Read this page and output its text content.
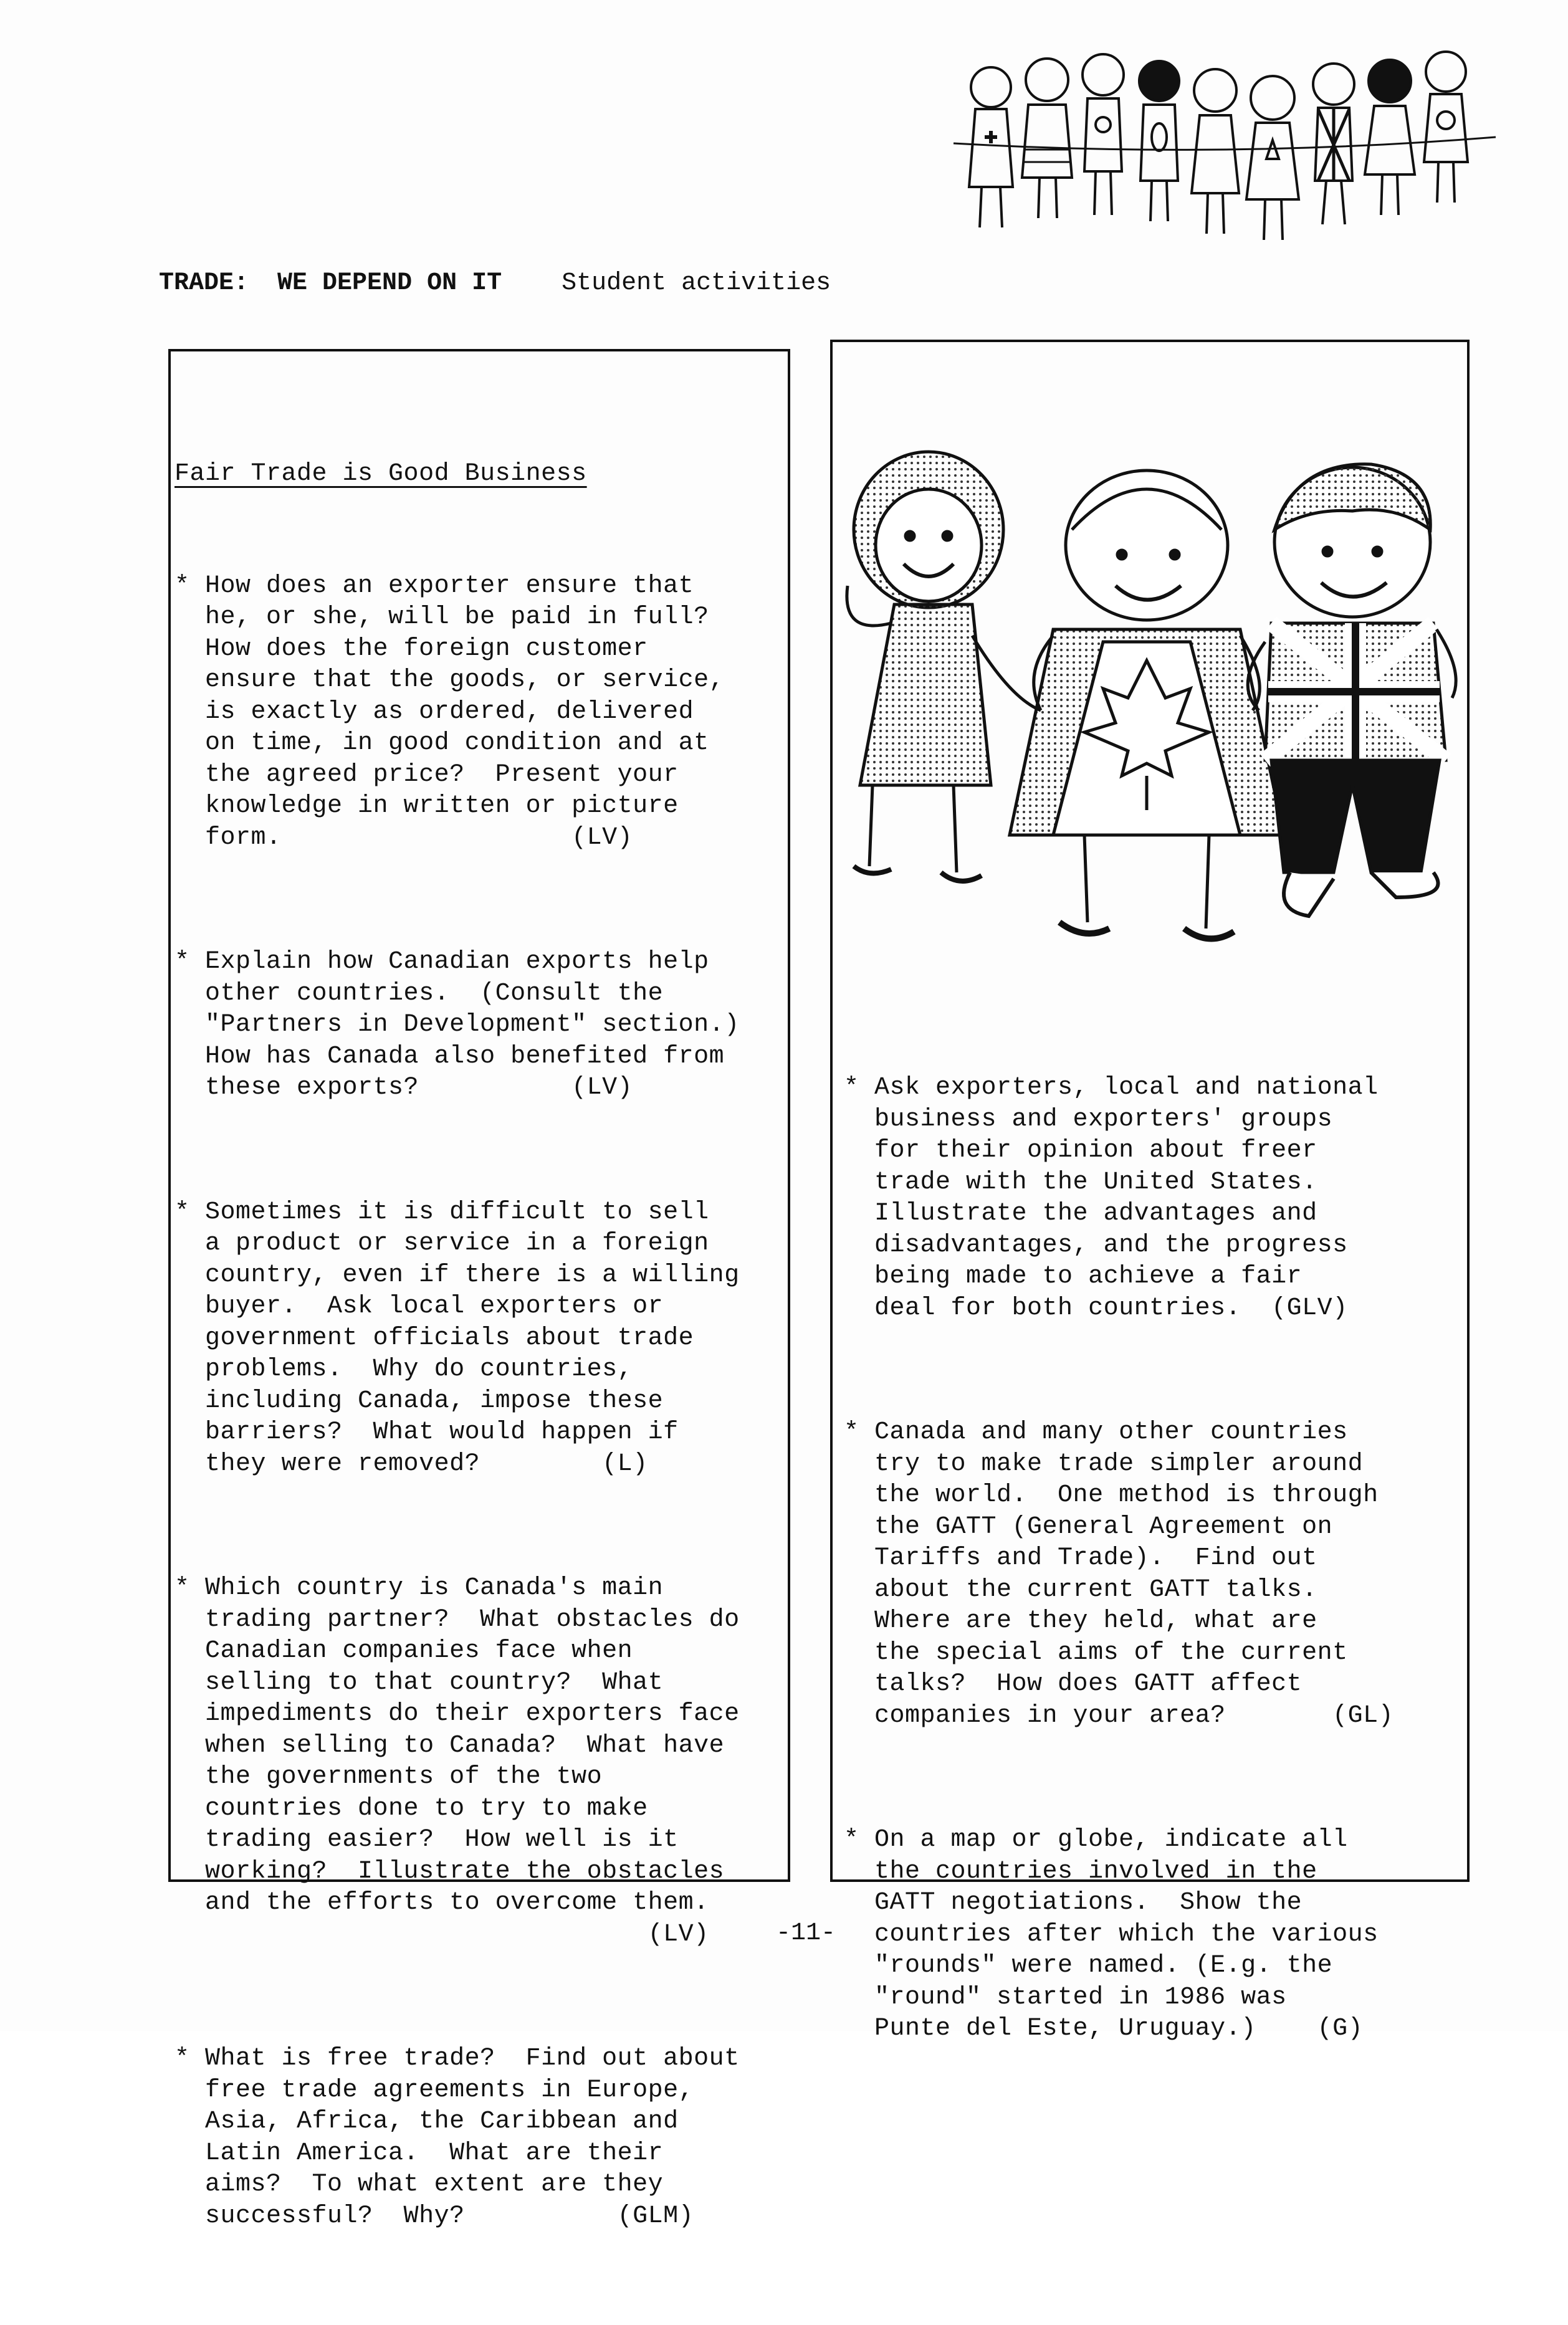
TRADE: WE DEPEND ON IT Student activities

Fair Trade is Good Business

* How does an exporter ensure that
he, or she, will be paid in full?
How does the foreign customer
ensure that the goods, or service,
is exactly as ordered, delivered
on time, in good condition and at
the agreed price?  Present your
knowledge in written or picture
form.                   (LV)

* Explain how Canadian exports help
other countries.  (Consult the
"Partners in Development" section.)
How has Canada also benefited from
these exports?          (LV)

* Sometimes it is difficult to sell
a product or service in a foreign
country, even if there is a willing
buyer.  Ask local exporters or
government officials about trade
problems.  Why do countries,
including Canada, impose these
barriers?  What would happen if
they were removed?        (L)

* Which country is Canada's main
trading partner?  What obstacles do
Canadian companies face when
selling to that country?  What
impediments do their exporters face
when selling to Canada?  What have
the governments of the two
countries done to try to make
trading easier?  How well is it
working?  Illustrate the obstacles
and the efforts to overcome them.
(LV)

* What is free trade?  Find out about
free trade agreements in Europe,
Asia, Africa, the Caribbean and
Latin America.  What are their
aims?  To what extent are they
successful?  Why?          (GLM)

* Ask exporters, local and national
business and exporters' groups
for their opinion about freer
trade with the United States.
Illustrate the advantages and
disadvantages, and the progress
being made to achieve a fair
deal for both countries.  (GLV)

* Canada and many other countries
try to make trade simpler around
the world.  One method is through
the GATT (General Agreement on
Tariffs and Trade).  Find out
about the current GATT talks.
Where are they held, what are
the special aims of the current
talks?  How does GATT affect
companies in your area?       (GL)

* On a map or globe, indicate all
the countries involved in the
GATT negotiations.  Show the
countries after which the various
"rounds" were named. (E.g. the
"round" started in 1986 was
Punte del Este, Uruguay.)    (G)

-11-
